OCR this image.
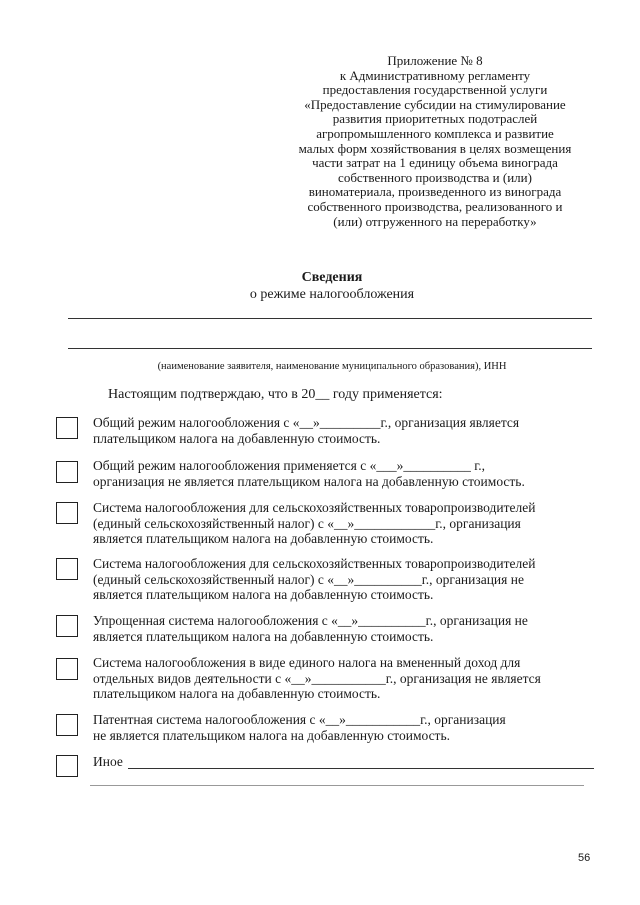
Приложение № 8
к Административному регламенту
предоставления государственной услуги
«Предоставление субсидии на стимулирование
развития приоритетных подотраслей
агропромышленного комплекса и развитие
малых форм хозяйствования в целях возмещения
части затрат на 1 единицу объема винограда
собственного производства и (или)
виноматериала, произведенного из винограда
собственного производства, реализованного и
(или) отгруженного на переработку»
Сведения
о режиме налогообложения
(наименование заявителя, наименование муниципального образования), ИНН
Настоящим подтверждаю, что в 20__ году применяется:
Общий режим налогообложения с «__»_________г., организация является
плательщиком налога на добавленную стоимость.
Общий режим налогообложения применяется с «___»__________ г.,
организация не является плательщиком налога на добавленную стоимость.
Система налогообложения для сельскохозяйственных товаропроизводителей
(единый сельскохозяйственный налог) с «__»____________г., организация
является плательщиком налога на добавленную стоимость.
Система налогообложения для сельскохозяйственных товаропроизводителей
(единый сельскохозяйственный налог) с «__»__________г., организация не
является плательщиком налога на добавленную стоимость.
Упрощенная система налогообложения с «__»__________г., организация не
является плательщиком налога на добавленную стоимость.
Система налогообложения в виде единого налога на вмененный доход для
отдельных видов деятельности с «__»___________г., организация не является
плательщиком налога на добавленную стоимость.
Патентная система налогообложения с «__»___________г., организация
не является плательщиком налога на добавленную стоимость.
Иное
56
